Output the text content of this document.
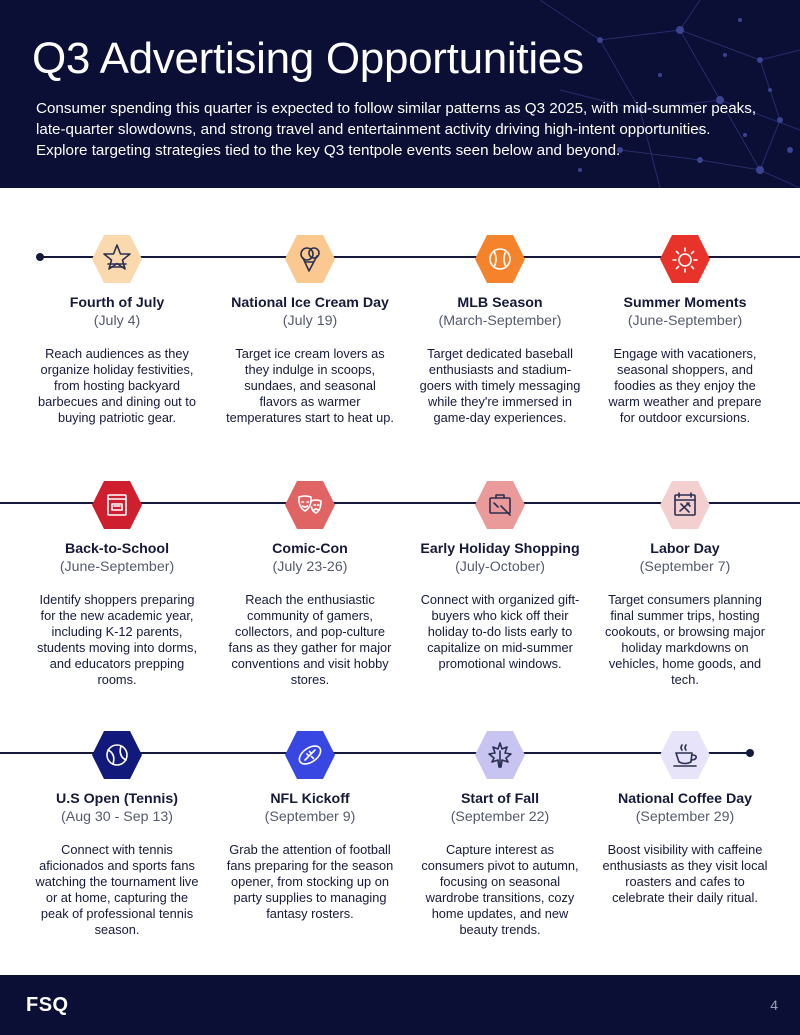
Q3 Advertising Opportunities

Consumer spending this quarter is expected to follow similar patterns as Q3 2025, with mid-summer peaks, late-quarter slowdowns, and strong travel and entertainment activity driving high-intent opportunities. Explore targeting strategies tied to the key Q3 tentpole events seen below and beyond.

Fourth of July
(July 4)
Reach audiences as they organize holiday festivities, from hosting backyard barbecues and dining out to buying patriotic gear.
National Ice Cream Day
(July 19)
Target ice cream lovers as they indulge in scoops, sundaes, and seasonal flavors as warmer temperatures start to heat up.
MLB Season
(March-September)
Target dedicated baseball enthusiasts and stadium-goers with timely messaging while they're immersed in game-day experiences.
Summer Moments
(June-September)
Engage with vacationers, seasonal shoppers, and foodies as they enjoy the warm weather and prepare for outdoor excursions.
Back-to-School
(June-September)
Identify shoppers preparing for the new academic year, including K-12 parents, students moving into dorms, and educators prepping rooms.
Comic-Con
(July 23-26)
Reach the enthusiastic community of gamers, collectors, and pop-culture fans as they gather for major conventions and visit hobby stores.
Early Holiday Shopping
(July-October)
Connect with organized gift-buyers who kick off their holiday to-do lists early to capitalize on mid-summer promotional windows.
Labor Day
(September 7)
Target consumers planning final summer trips, hosting cookouts, or browsing major holiday markdowns on vehicles, home goods, and tech.
U.S Open (Tennis)
(Aug 30 - Sep 13)
Connect with tennis aficionados and sports fans watching the tournament live or at home, capturing the peak of professional tennis season.
NFL Kickoff
(September 9)
Grab the attention of football fans preparing for the season opener, from stocking up on party supplies to managing fantasy rosters.
Start of Fall
(September 22)
Capture interest as consumers pivot to autumn, focusing on seasonal wardrobe transitions, cozy home updates, and new beauty trends.
National Coffee Day
(September 29)
Boost visibility with caffeine enthusiasts as they visit local roasters and cafes to celebrate their daily ritual.
FSQ	4
